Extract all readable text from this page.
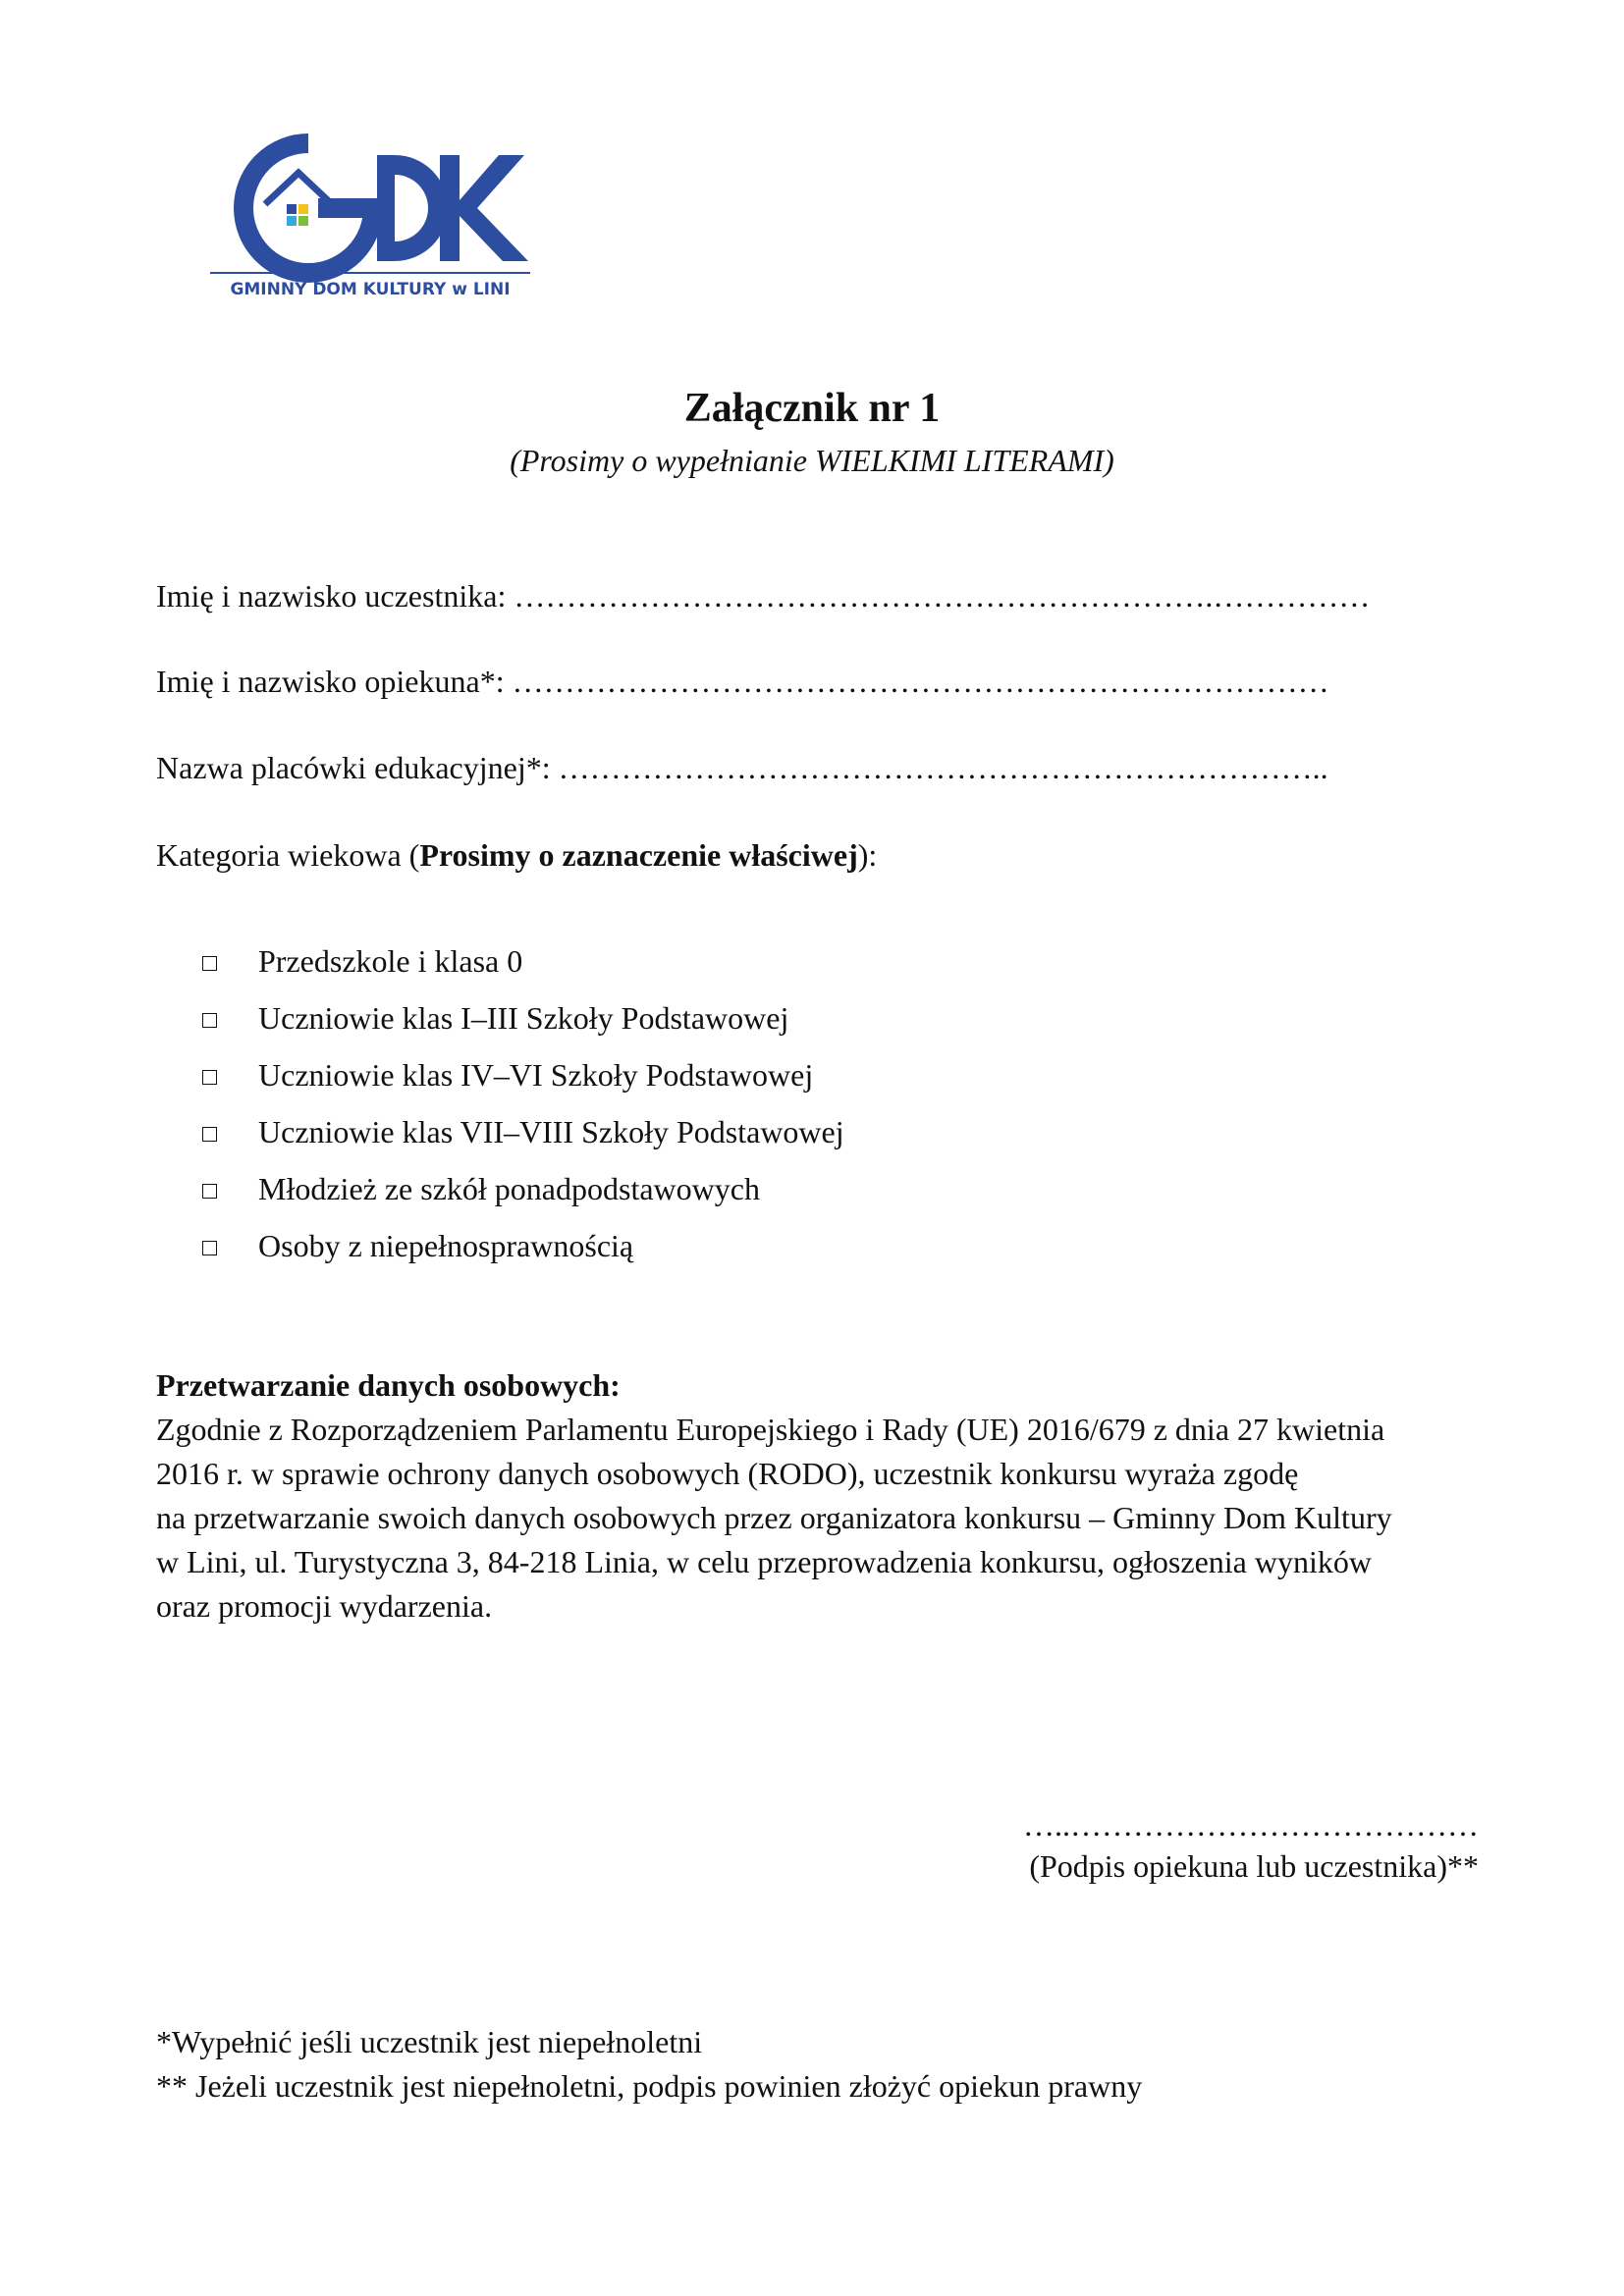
GMINNY DOM KULTURY w LINI
Załącznik nr 1
(Prosimy o wypełnianie WIELKIMI LITERAMI)
Imię i nazwisko uczestnika: ………………………………………………………….……………
Imię i nazwisko opiekuna*: ……………………………………………………………………
Nazwa placówki edukacyjnej*: ………………………………………………………………..
Kategoria wiekowa (Prosimy o zaznaczenie właściwej):
Przedszkole i klasa 0
Uczniowie klas I–III Szkoły Podstawowej
Uczniowie klas IV–VI Szkoły Podstawowej
Uczniowie klas VII–VIII Szkoły Podstawowej
Młodzież ze szkół ponadpodstawowych
Osoby z niepełnosprawnością
Przetwarzanie danych osobowych:

Zgodnie z Rozporządzeniem Parlamentu Europejskiego i Rady (UE) 2016/679 z dnia 27 kwietnia
2016 r. w sprawie ochrony danych osobowych (RODO), uczestnik konkursu wyraża zgodę
na przetwarzanie swoich danych osobowych przez organizatora konkursu – Gminny Dom Kultury
w Lini, ul. Turystyczna 3, 84-218 Linia, w celu przeprowadzenia konkursu, ogłoszenia wyników
oraz promocji wydarzenia.

…..…………………………………
(Podpis opiekuna lub uczestnika)**
*Wypełnić jeśli uczestnik jest niepełnoletni
** Jeżeli uczestnik jest niepełnoletni, podpis powinien złożyć opiekun prawny
